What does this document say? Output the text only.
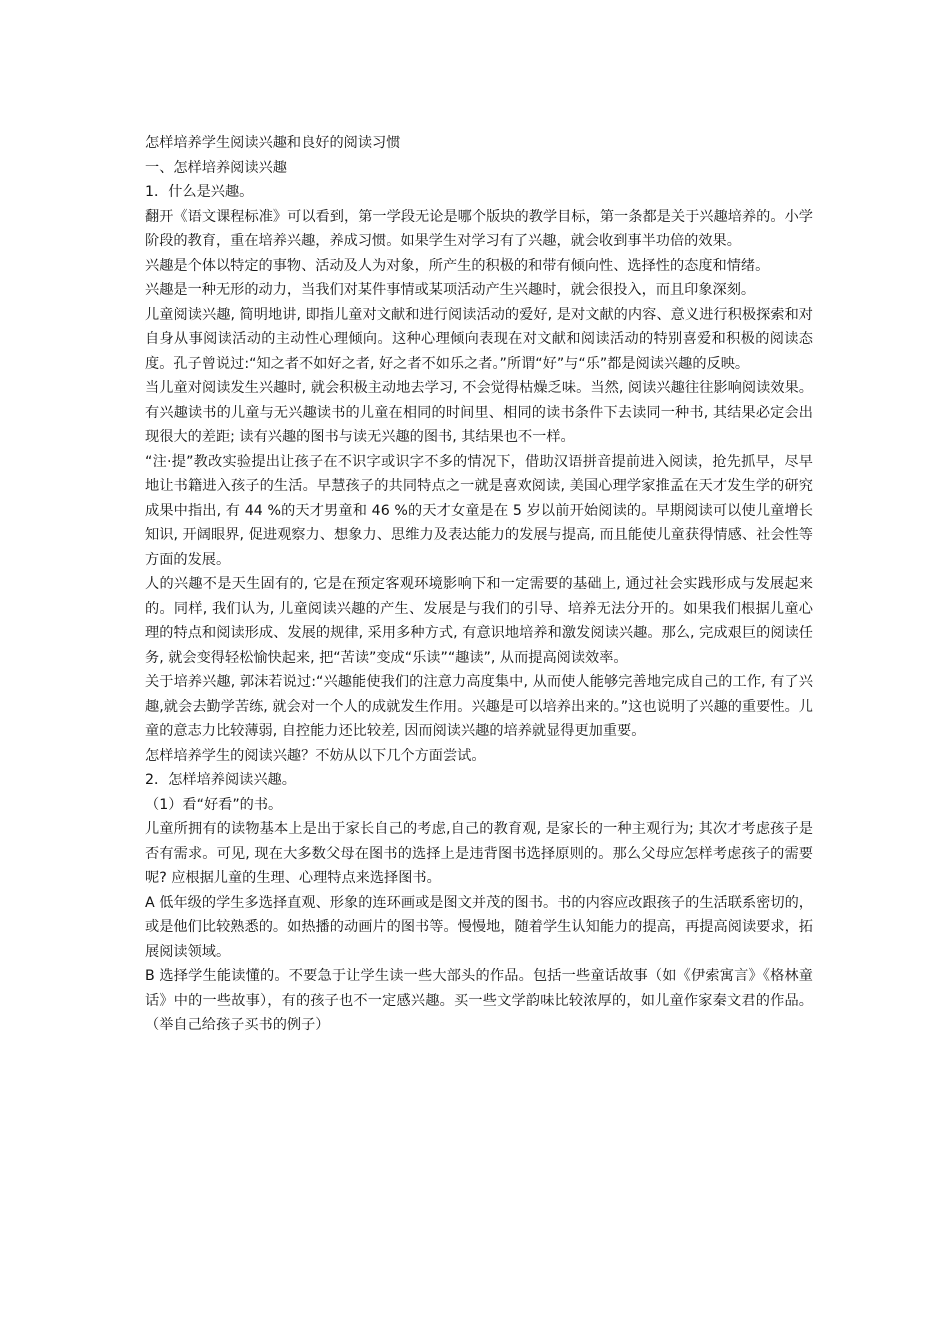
怎样培养学生阅读兴趣和良好的阅读习惯

一、怎样培养阅读兴趣

1．什么是兴趣。

翻开《语文课程标准》可以看到，第一学段无论是哪个版块的教学目标，第一条都是关于兴趣培养的。小学阶段的教育，重在培养兴趣，养成习惯。如果学生对学习有了兴趣，就会收到事半功倍的效果。

兴趣是个体以特定的事物、活动及人为对象，所产生的积极的和带有倾向性、选择性的态度和情绪。

兴趣是一种无形的动力，当我们对某件事情或某项活动产生兴趣时，就会很投入，而且印象深刻。

儿童阅读兴趣, 简明地讲, 即指儿童对文献和进行阅读活动的爱好, 是对文献的内容、意义进行积极探索和对自身从事阅读活动的主动性心理倾向。这种心理倾向表现在对文献和阅读活动的特别喜爱和积极的阅读态度。孔子曾说过:“知之者不如好之者, 好之者不如乐之者。”所谓“好”与“乐”都是阅读兴趣的反映。

当儿童对阅读发生兴趣时, 就会积极主动地去学习, 不会觉得枯燥乏味。当然, 阅读兴趣往往影响阅读效果。有兴趣读书的儿童与无兴趣读书的儿童在相同的时间里、相同的读书条件下去读同一种书, 其结果必定会出现很大的差距; 读有兴趣的图书与读无兴趣的图书, 其结果也不一样。

“注·提”教改实验提出让孩子在不识字或识字不多的情况下，借助汉语拼音提前进入阅读，抢先抓早，尽早地让书籍进入孩子的生活。早慧孩子的共同特点之一就是喜欢阅读, 美国心理学家推孟在天才发生学的研究成果中指出, 有 44 %的天才男童和 46 %的天才女童是在 5 岁以前开始阅读的。早期阅读可以使儿童增长知识, 开阔眼界, 促进观察力、想象力、思维力及表达能力的发展与提高, 而且能使儿童获得情感、社会性等方面的发展。

人的兴趣不是天生固有的, 它是在预定客观环境影响下和一定需要的基础上, 通过社会实践形成与发展起来的。同样, 我们认为, 儿童阅读兴趣的产生、发展是与我们的引导、培养无法分开的。如果我们根据儿童心理的特点和阅读形成、发展的规律, 采用多种方式, 有意识地培养和激发阅读兴趣。那么, 完成艰巨的阅读任务, 就会变得轻松愉快起来, 把“苦读”变成“乐读”“趣读”, 从而提高阅读效率。

关于培养兴趣, 郭沫若说过:“兴趣能使我们的注意力高度集中, 从而使人能够完善地完成自己的工作, 有了兴趣,就会去勤学苦练, 就会对一个人的成就发生作用。兴趣是可以培养出来的。”这也说明了兴趣的重要性。儿童的意志力比较薄弱, 自控能力还比较差, 因而阅读兴趣的培养就显得更加重要。

怎样培养学生的阅读兴趣？不妨从以下几个方面尝试。

2．怎样培养阅读兴趣。

（1）看“好看”的书。

儿童所拥有的读物基本上是出于家长自己的考虑,自己的教育观, 是家长的一种主观行为; 其次才考虑孩子是否有需求。可见, 现在大多数父母在图书的选择上是违背图书选择原则的。那么父母应怎样考虑孩子的需要呢? 应根据儿童的生理、心理特点来选择图书。

A 低年级的学生多选择直观、形象的连环画或是图文并茂的图书。书的内容应改跟孩子的生活联系密切的，或是他们比较熟悉的。如热播的动画片的图书等。慢慢地，随着学生认知能力的提高，再提高阅读要求，拓展阅读领域。

B 选择学生能读懂的。不要急于让学生读一些大部头的作品。包括一些童话故事（如《伊索寓言》《格林童话》中的一些故事），有的孩子也不一定感兴趣。买一些文学韵味比较浓厚的，如儿童作家秦文君的作品。（举自己给孩子买书的例子）
